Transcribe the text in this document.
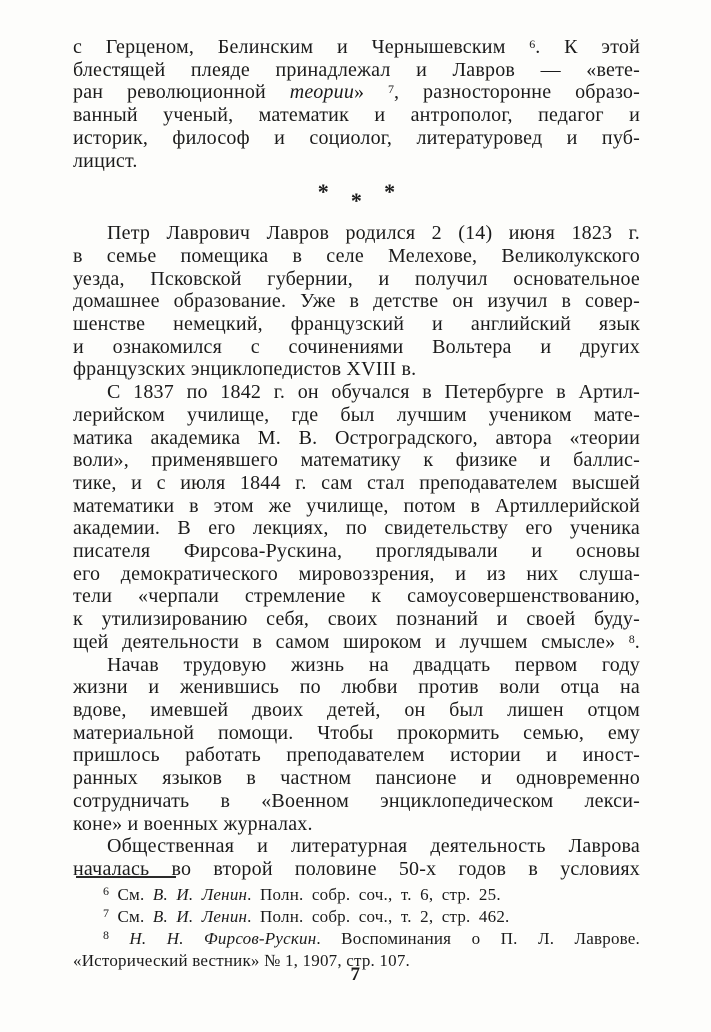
с Герценом, Белинским и Чернышевским $^6$. К этой
блестящей плеяде принадлежал и Лавров — «вете-
ран революционной теории» $^7$, разносторонне образо-
ванный ученый, математик и антрополог, педагог и
историк, философ и социолог, литературовед и пуб-
лицист.
* * *
Петр Лаврович Лавров родился 2 (14) июня 1823 г.
в семье помещика в селе Мелехове, Великолукского
уезда, Псковской губернии, и получил основательное
домашнее образование. Уже в детстве он изучил в совер-
шенстве немецкий, французский и английский язык
и ознакомился с сочинениями Вольтера и других
французских энциклопедистов XVIII в.
С 1837 по 1842 г. он обучался в Петербурге в Артил-
лерийском училище, где был лучшим учеником мате-
матика академика М. В. Остроградского, автора «теории
воли», применявшего математику к физике и баллис-
тике, и с июля 1844 г. сам стал преподавателем высшей
математики в этом же училище, потом в Артиллерийской
академии. В его лекциях, по свидетельству его ученика
писателя Фирсова-Рускина, проглядывали и основы
его демократического мировоззрения, и из них слуша-
тели «черпали стремление к самоусовершенствованию,
к утилизированию себя, своих познаний и своей буду-
щей деятельности в самом широком и лучшем смысле» $^8$.
Начав трудовую жизнь на двадцать первом году
жизни и женившись по любви против воли отца на
вдове, имевшей двоих детей, он был лишен отцом
материальной помощи. Чтобы прокормить семью, ему
пришлось работать преподавателем истории и иност-
ранных языков в частном пансионе и одновременно
сотрудничать в «Военном энциклопедическом лекси-
коне» и военных журналах.
Общественная и литературная деятельность Лаврова
началась во второй половине 50-х годов в условиях
$^6$ См. В. И. Ленин. Полн. собр. соч., т. 6, стр. 25.
$^7$ См. В. И. Ленин. Полн. собр. соч., т. 2, стр. 462.
$^8$ Н. Н. Фирсов-Рускин. Воспоминания о П. Л. Лаврове.
«Исторический вестник» № 1, 1907, стр. 107.
7
